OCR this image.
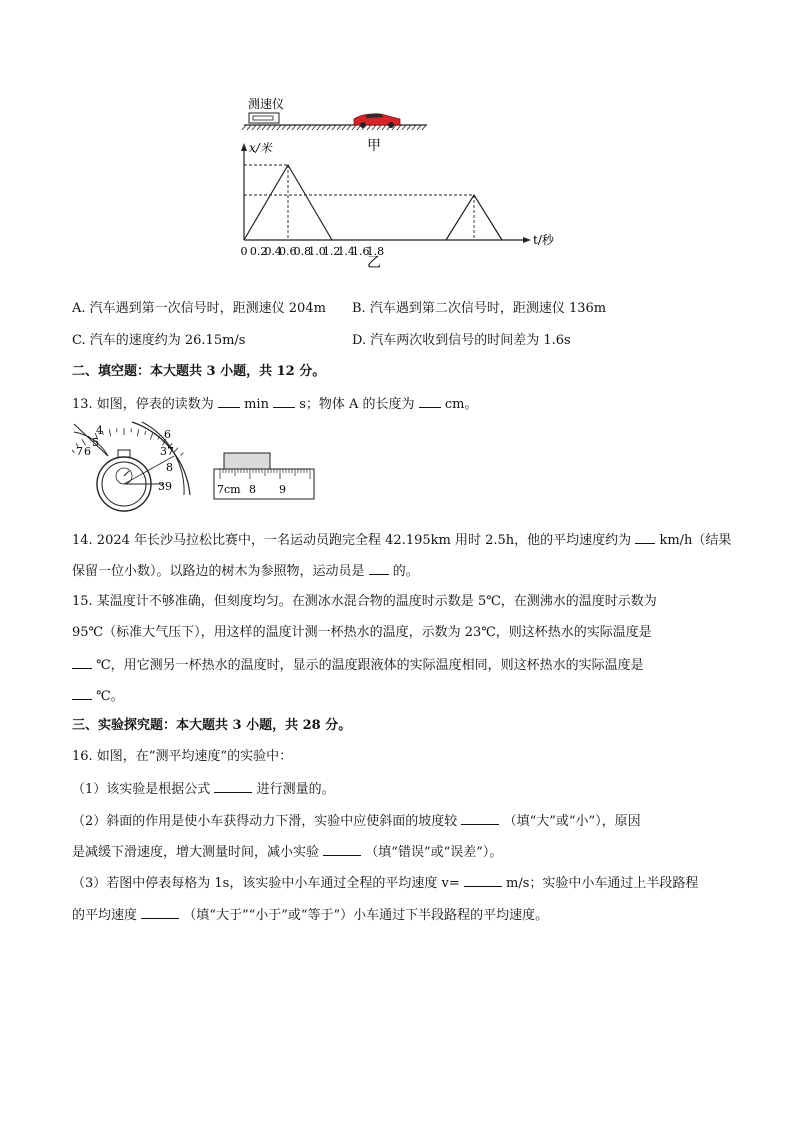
测速仪
甲
x/米
t/秒
0 0.2
0.4
0.6
0.8
1.0
1.2
1.4
1.6
1.8
乙
A. 汽车遇到第一次信号时，距测速仪 204m B. 汽车遇到第二次信号时，距测速仪 136m
C. 汽车的速度约为 26.15m/s	D. 汽车两次收到信号的时间差为 1.6s
二、填空题：本大题共 3 小题，共 12 分。
13. 如图，停表的读数为 min s；物体 A 的长度为 cm。
4
5
6
7
6
37
8
39	7cm 8 9
14. 2024 年长沙马拉松比赛中，一名运动员跑完全程 42.195km 用时 2.5h，他的平均速度约为 km/h（结果
保留一位小数）。以路边的树木为参照物，运动员是 的。
15. 某温度计不够准确，但刻度均匀。在测冰水混合物的温度时示数是 5℃，在测沸水的温度时示数为
95℃（标准大气压下），用这样的温度计测一杯热水的温度，示数为 23℃，则这杯热水的实际温度是
℃，用它测另一杯热水的温度时，显示的温度跟液体的实际温度相同，则这杯热水的实际温度是
℃。
三、实验探究题：本大题共 3 小题，共 28 分。
16. 如图，在“测平均速度”的实验中：
（1）该实验是根据公式	进行测量的。
（2）斜面的作用是使小车获得动力下滑，实验中应使斜面的坡度较	（填“大”或“小”），原因
是减缓下滑速度，增大测量时间，减小实验	（填“错误”或“误差”）。
（3）若图中停表每格为 1s，该实验中小车通过全程的平均速度 v=	m/s；实验中小车通过上半段路程
的平均速度	（填“大于”“小于”或“等于”）小车通过下半段路程的平均速度。
